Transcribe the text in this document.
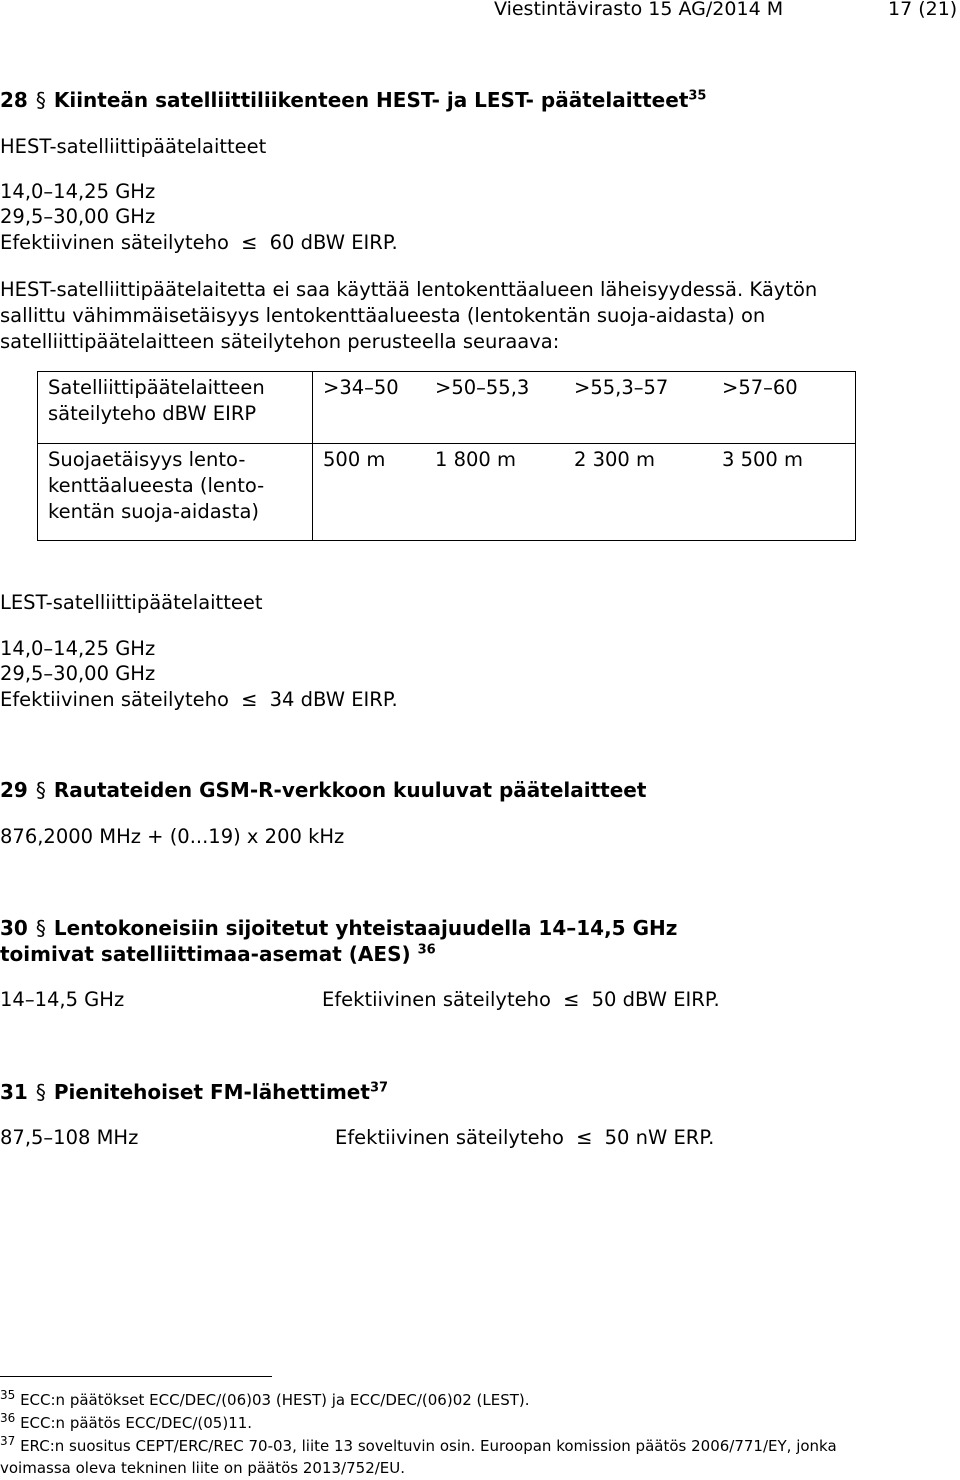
Viestintävirasto 15 AG/2014 M	17 (21)
28 § Kiinteän satelliittiliikenteen HEST- ja LEST- päätelaitteet$^{35}$
HEST-satelliittipäätelaitteet
14,0–14,25 GHz
29,5–30,00 GHz
Efektiivinen säteilyteho ≤ 60 dBW EIRP.
HEST-satelliittipäätelaitetta ei saa käyttää lentokenttäalueen läheisyydessä. Käytön
sallittu vähimmäisetäisyys lentokenttäalueesta (lentokentän suoja-aidasta) on
satelliittipäätelaitteen säteilytehon perusteella seuraava:
Satelliittipäätelaitteen
säteilyteho dBW EIRP	>34–50	>50–55,3	>55,3–57	>57–60
Suojaetäisyys lento-
kenttäalueesta (lento-
kentän suoja-aidasta)	500 m	1 800 m	2 300 m	3 500 m
LEST-satelliittipäätelaitteet
14,0–14,25 GHz
29,5–30,00 GHz
Efektiivinen säteilyteho ≤ 34 dBW EIRP.
29 § Rautateiden GSM-R-verkkoon kuuluvat päätelaitteet
876,2000 MHz + (0...19) x 200 kHz
30 § Lentokoneisiin sijoitetut yhteistaajuudella 14–14,5 GHz
toimivat satelliittimaa-asemat (AES) $^{36}$
14–14,5 GHz	Efektiivinen säteilyteho ≤ 50 dBW EIRP.
31 § Pienitehoiset FM-lähettimet$^{37}$
87,5–108 MHz	Efektiivinen säteilyteho ≤ 50 nW ERP.
$^{35}$ ECC:n päätökset ECC/DEC/(06)03 (HEST) ja ECC/DEC/(06)02 (LEST).
$^{36}$ ECC:n päätös ECC/DEC/(05)11.
$^{37}$ ERC:n suositus CEPT/ERC/REC 70-03, liite 13 soveltuvin osin. Euroopan komission päätös 2006/771/EY, jonka
voimassa oleva tekninen liite on päätös 2013/752/EU.
